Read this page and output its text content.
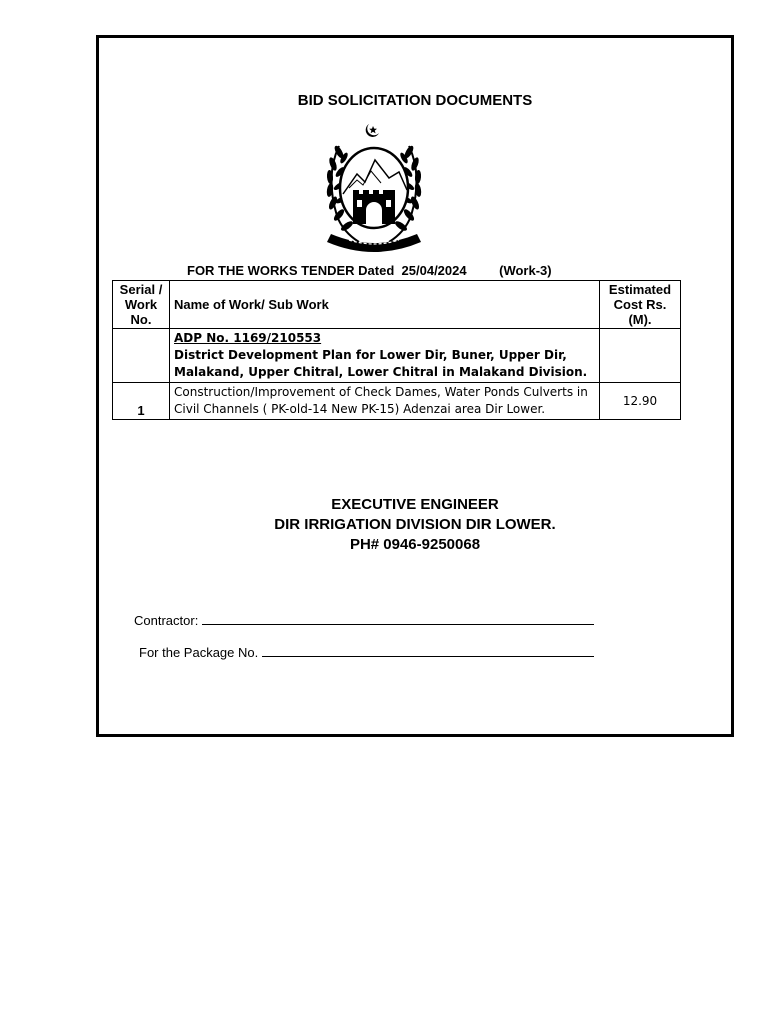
BID SOLICITATION DOCUMENTS
FOR THE WORKS TENDER Dated 25/04/2024	(Work-3)
Serial / Work No.	Name of Work/ Sub Work	Estimated Cost Rs. (M).

	ADP No. 1169/210553
District Development Plan for Lower Dir, Buner, Upper Dir, Malakand, Upper Chitral, Lower Chitral in Malakand Division.	

1	Construction/Improvement of Check Dames, Water Ponds Culverts in Civil Channels ( PK-old-14 New PK-15) Adenzai area Dir Lower.	12.90
EXECUTIVE ENGINEER
DIR IRRIGATION DIVISION DIR LOWER.
PH# 0946-9250068
Contractor:
For the Package No.
